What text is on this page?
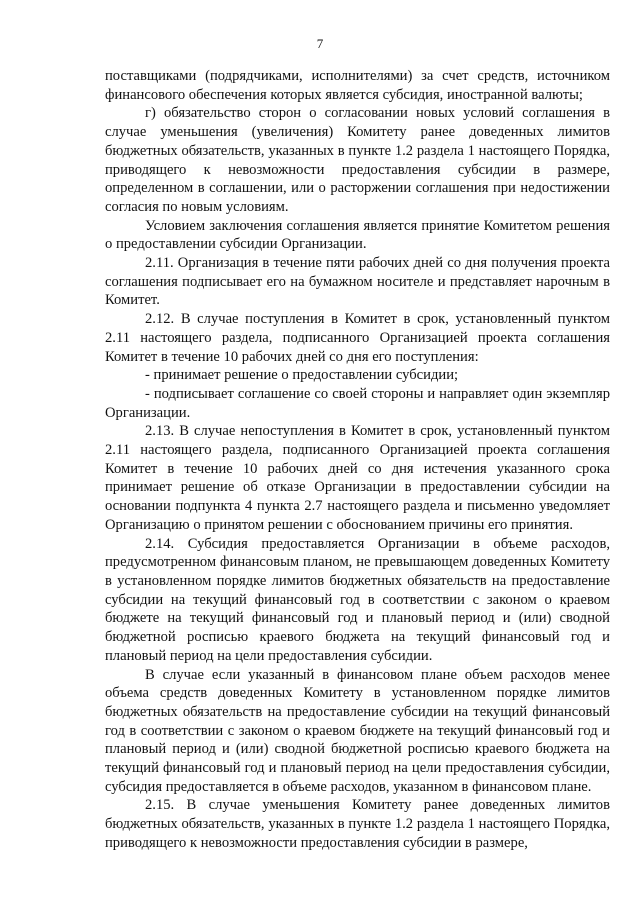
7

поставщиками (подрядчиками, исполнителями) за счет средств, источником финансового обеспечения которых является субсидия, иностранной валюты;

г) обязательство сторон о согласовании новых условий соглашения в случае уменьшения (увеличения) Комитету ранее доведенных лимитов бюджетных обязательств, указанных в пункте 1.2 раздела 1 настоящего Порядка, приводящего к невозможности предоставления субсидии в размере, определенном в соглашении, или о расторжении соглашения при недостижении согласия по новым условиям.

Условием заключения соглашения является принятие Комитетом решения о предоставлении субсидии Организации.

2.11. Организация в течение пяти рабочих дней со дня получения проекта соглашения подписывает его на бумажном носителе и представляет нарочным в Комитет.

2.12. В случае поступления в Комитет в срок, установленный пунктом 2.11 настоящего раздела, подписанного Организацией проекта соглашения Комитет в течение 10 рабочих дней со дня его поступления:

- принимает решение о предоставлении субсидии;

- подписывает соглашение со своей стороны и направляет один экземпляр Организации.

2.13. В случае непоступления в Комитет в срок, установленный пунктом 2.11 настоящего раздела, подписанного Организацией проекта соглашения Комитет в течение 10 рабочих дней со дня истечения указанного срока принимает решение об отказе Организации в предоставлении субсидии на основании подпункта 4 пункта 2.7 настоящего раздела и письменно уведомляет Организацию о принятом решении с обоснованием причины его принятия.

2.14. Субсидия предоставляется Организации в объеме расходов, предусмотренном финансовым планом, не превышающем доведенных Комитету в установленном порядке лимитов бюджетных обязательств на предоставление субсидии на текущий финансовый год в соответствии с законом о краевом бюджете на текущий финансовый год и плановый период и (или) сводной бюджетной росписью краевого бюджета на текущий финансовый год и плановый период на цели предоставления субсидии.

В случае если указанный в финансовом плане объем расходов менее объема средств доведенных Комитету в установленном порядке лимитов бюджетных обязательств на предоставление субсидии на текущий финансовый год в соответствии с законом о краевом бюджете на текущий финансовый год и плановый период и (или) сводной бюджетной росписью краевого бюджета на текущий финансовый год и плановый период на цели предоставления субсидии, субсидия предоставляется в объеме расходов, указанном в финансовом плане.

2.15. В случае уменьшения Комитету ранее доведенных лимитов бюджетных обязательств, указанных в пункте 1.2 раздела 1 настоящего Порядка, приводящего к невозможности предоставления субсидии в размере,
